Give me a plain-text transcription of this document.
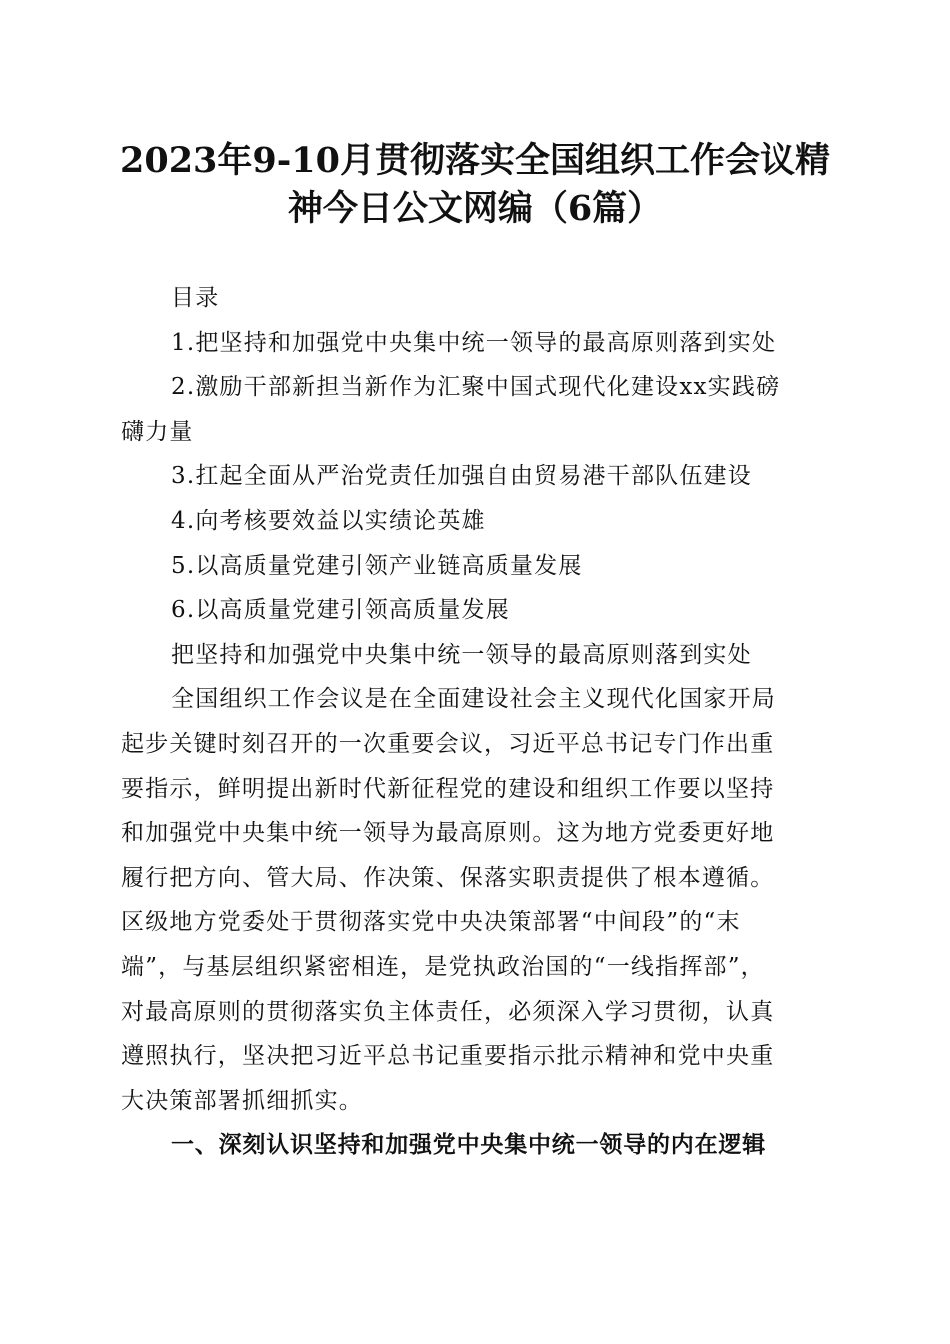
2023年9-10月贯彻落实全国组织工作会议精
神今日公文网编（6篇）

目录

1.把坚持和加强党中央集中统一领导的最高原则落到实处

2.激励干部新担当新作为汇聚中国式现代化建设xx实践磅

礴力量

3.扛起全面从严治党责任加强自由贸易港干部队伍建设

4.向考核要效益以实绩论英雄

5.以高质量党建引领产业链高质量发展

6.以高质量党建引领高质量发展

把坚持和加强党中央集中统一领导的最高原则落到实处

全国组织工作会议是在全面建设社会主义现代化国家开局

起步关键时刻召开的一次重要会议，习近平总书记专门作出重

要指示，鲜明提出新时代新征程党的建设和组织工作要以坚持

和加强党中央集中统一领导为最高原则。这为地方党委更好地

履行把方向、管大局、作决策、保落实职责提供了根本遵循。

区级地方党委处于贯彻落实党中央决策部署“中间段”的“末

端”，与基层组织紧密相连，是党执政治国的“一线指挥部”，

对最高原则的贯彻落实负主体责任，必须深入学习贯彻，认真

遵照执行，坚决把习近平总书记重要指示批示精神和党中央重

大决策部署抓细抓实。

一、深刻认识坚持和加强党中央集中统一领导的内在逻辑
